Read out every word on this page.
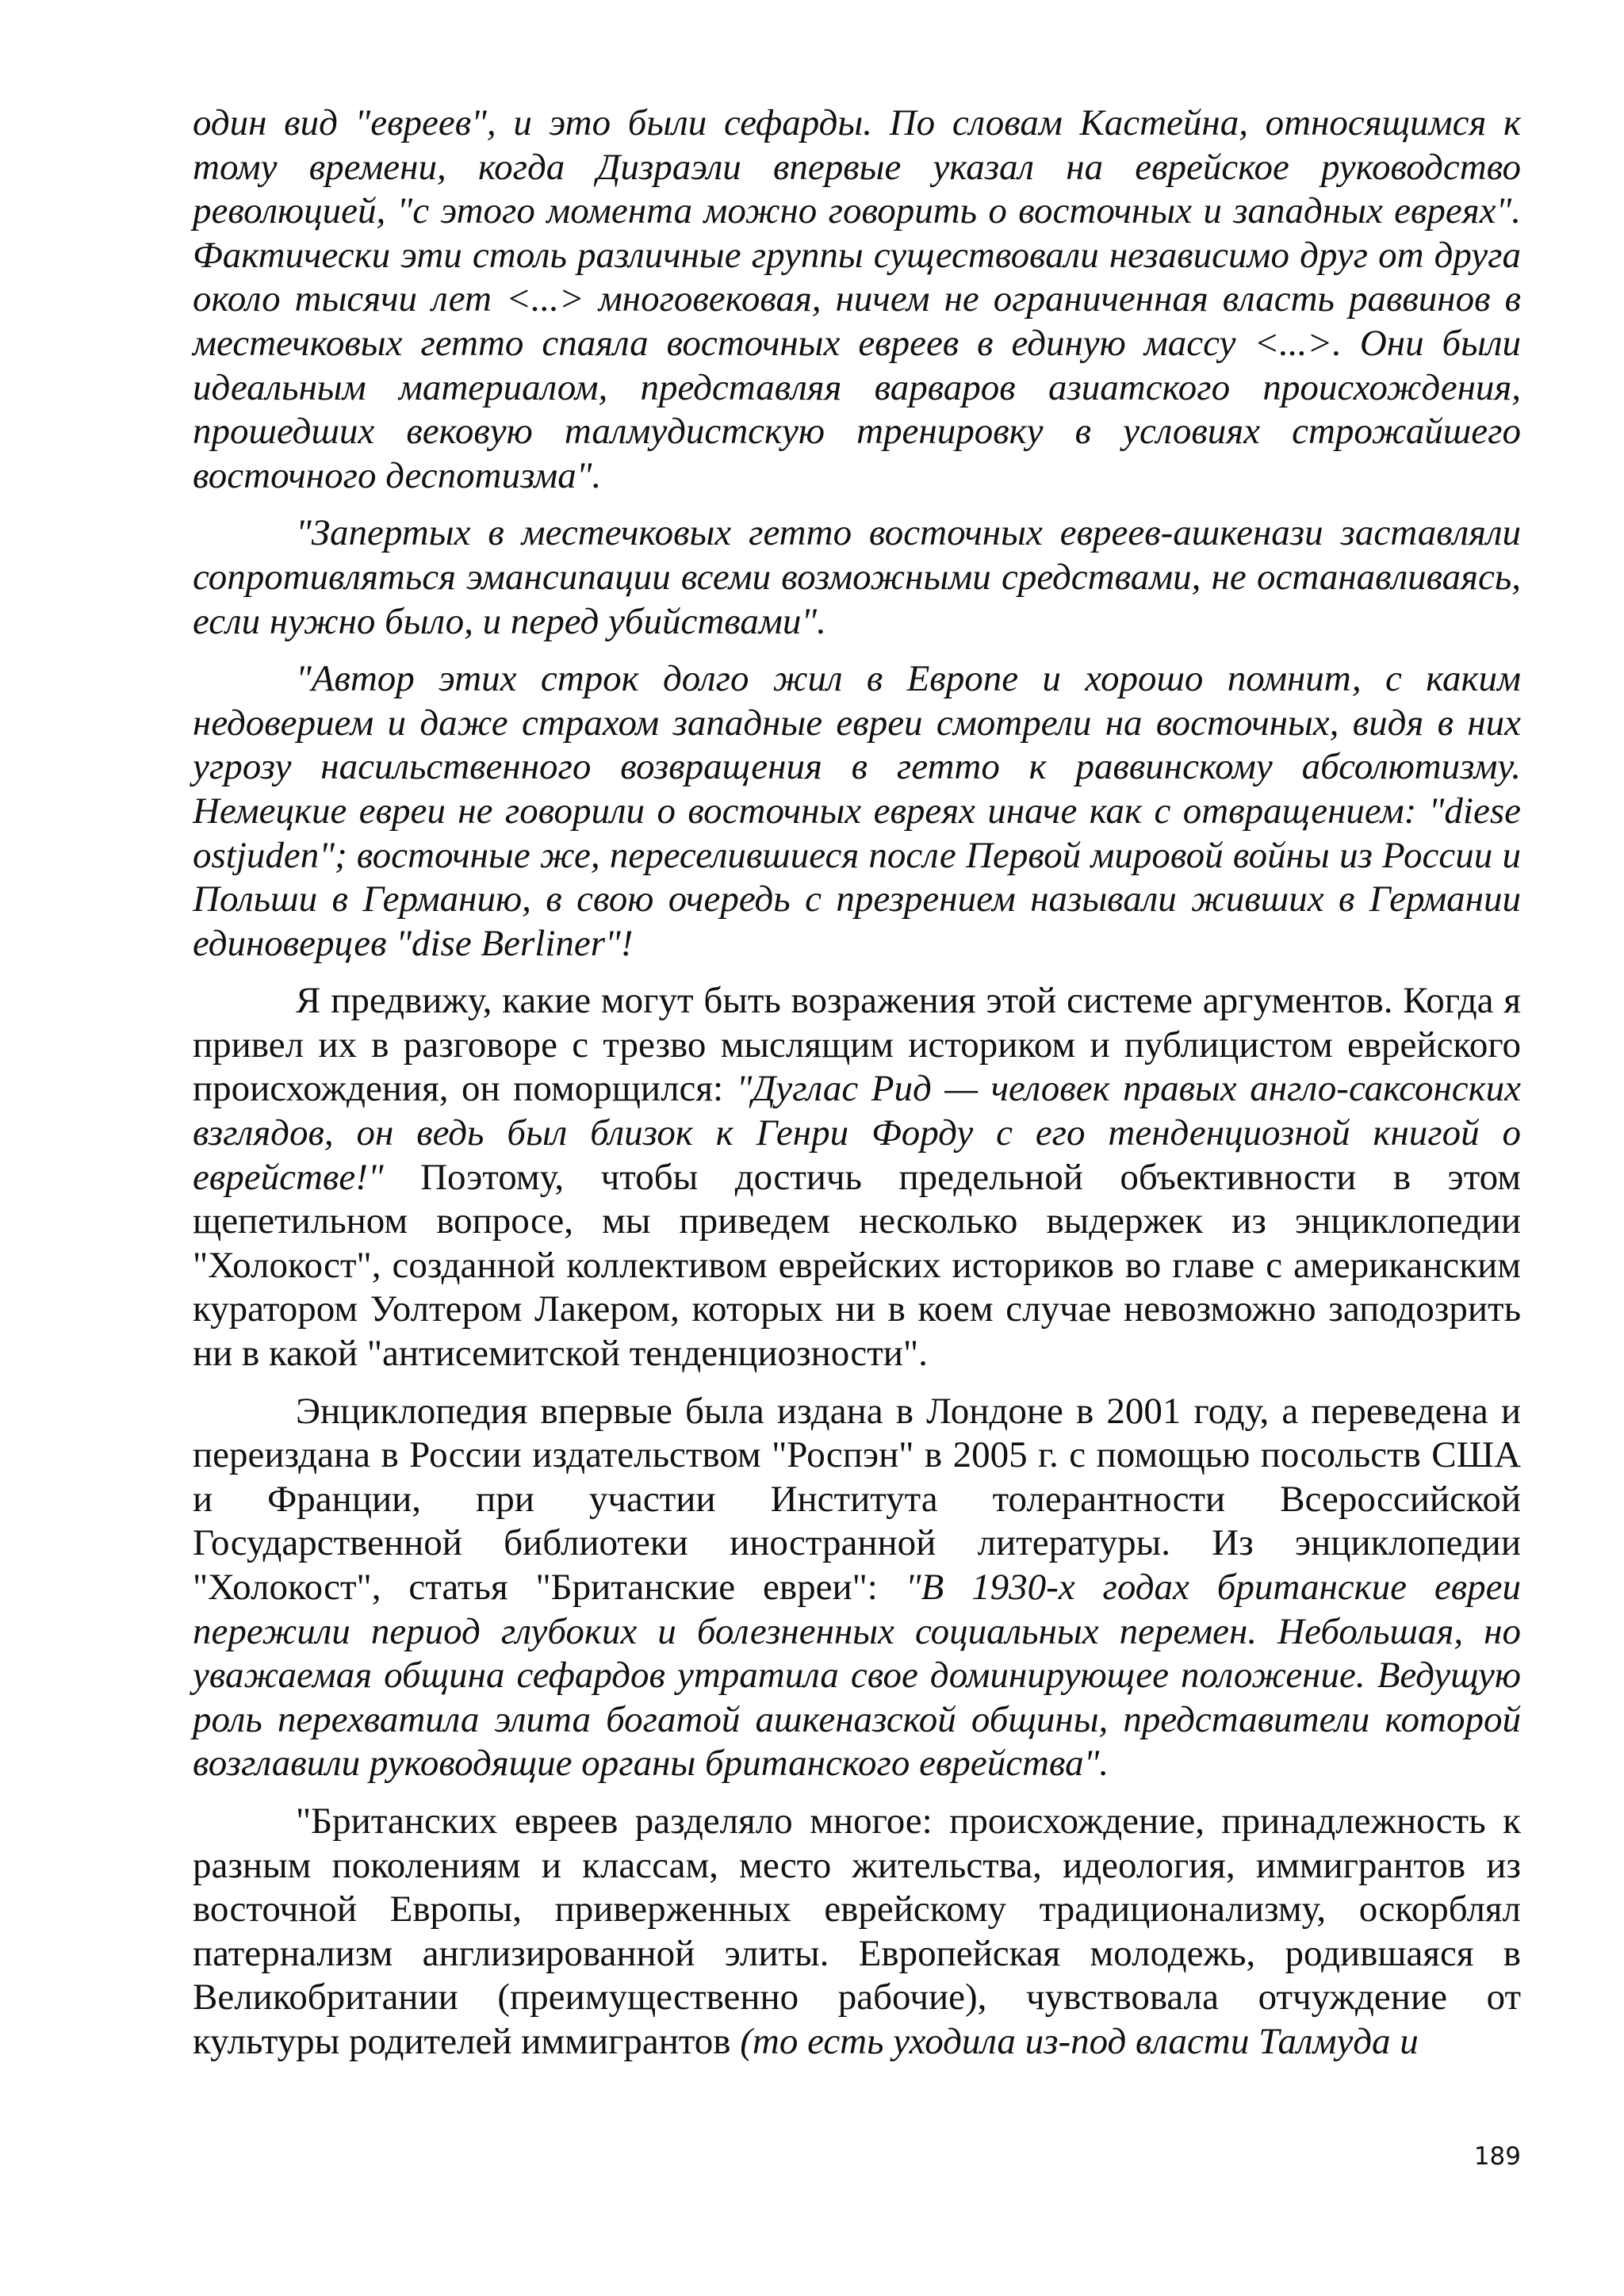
один вид "евреев", и это были сефарды. По словам Кастейна, относящимся к тому времени, когда Дизраэли впервые указал на еврейское руководство революцией, "с этого момента можно говорить о восточных и западных евреях". Фактически эти столь различные группы существовали независимо друг от друга около тысячи лет <...> многовековая, ничем не ограниченная власть раввинов в местечковых гетто спаяла восточных евреев в единую массу <...>. Они были идеальным материалом, представляя варваров азиатского происхождения, прошедших вековую талмудистскую тренировку в условиях строжайшего восточного деспотизма".

"Запертых в местечковых гетто восточных евреев-ашкенази заставляли сопротивляться эмансипации всеми возможными средствами, не останавливаясь, если нужно было, и перед убийствами".

"Автор этих строк долго жил в Европе и хорошо помнит, с каким недоверием и даже страхом западные евреи смотрели на восточных, видя в них угрозу насильственного возвращения в гетто к раввинскому абсолютизму. Немецкие евреи не говорили о восточных евреях иначе как с отвращением: "diese ostjuden"; восточные же, переселившиеся после Первой мировой войны из России и Польши в Германию, в свою очередь с презрением называли живших в Германии единоверцев "dise Berliner"!

Я предвижу, какие могут быть возражения этой системе аргументов. Когда я привел их в разговоре с трезво мыслящим историком и публицистом еврейского происхождения, он поморщился: "Дуглас Рид — человек правых англо-саксонских взглядов, он ведь был близок к Генри Форду с его тенденциозной книгой о еврействе!" Поэтому, чтобы достичь предельной объективности в этом щепетильном вопросе, мы приведем несколько выдержек из энциклопедии "Холокост", созданной коллективом еврейских историков во главе с американским куратором Уолтером Лакером, которых ни в коем случае невозможно заподозрить ни в какой "антисемитской тенденциозности".

Энциклопедия впервые была издана в Лондоне в 2001 году, а переведена и переиздана в России издательством "Роспэн" в 2005 г. с помощью посольств США и Франции, при участии Института толерантности Всероссийской Государственной библиотеки иностранной литературы. Из энциклопедии "Холокост", статья "Британские евреи": "В 1930-х годах британские евреи пережили период глубоких и болезненных социальных перемен. Небольшая, но уважаемая община сефардов утратила свое доминирующее положение. Ведущую роль перехватила элита богатой ашкеназской общины, представители которой возглавили руководящие органы британского еврейства".

"Британских евреев разделяло многое: происхождение, принадлежность к разным поколениям и классам, место жительства, идеология, иммигрантов из восточной Европы, приверженных еврейскому традиционализму, оскорблял патернализм англизированной элиты. Европейская молодежь, родившаяся в Великобритании (преимущественно рабочие), чувствовала отчуждение от культуры родителей иммигрантов (то есть уходила из-под власти Талмуда и

189
